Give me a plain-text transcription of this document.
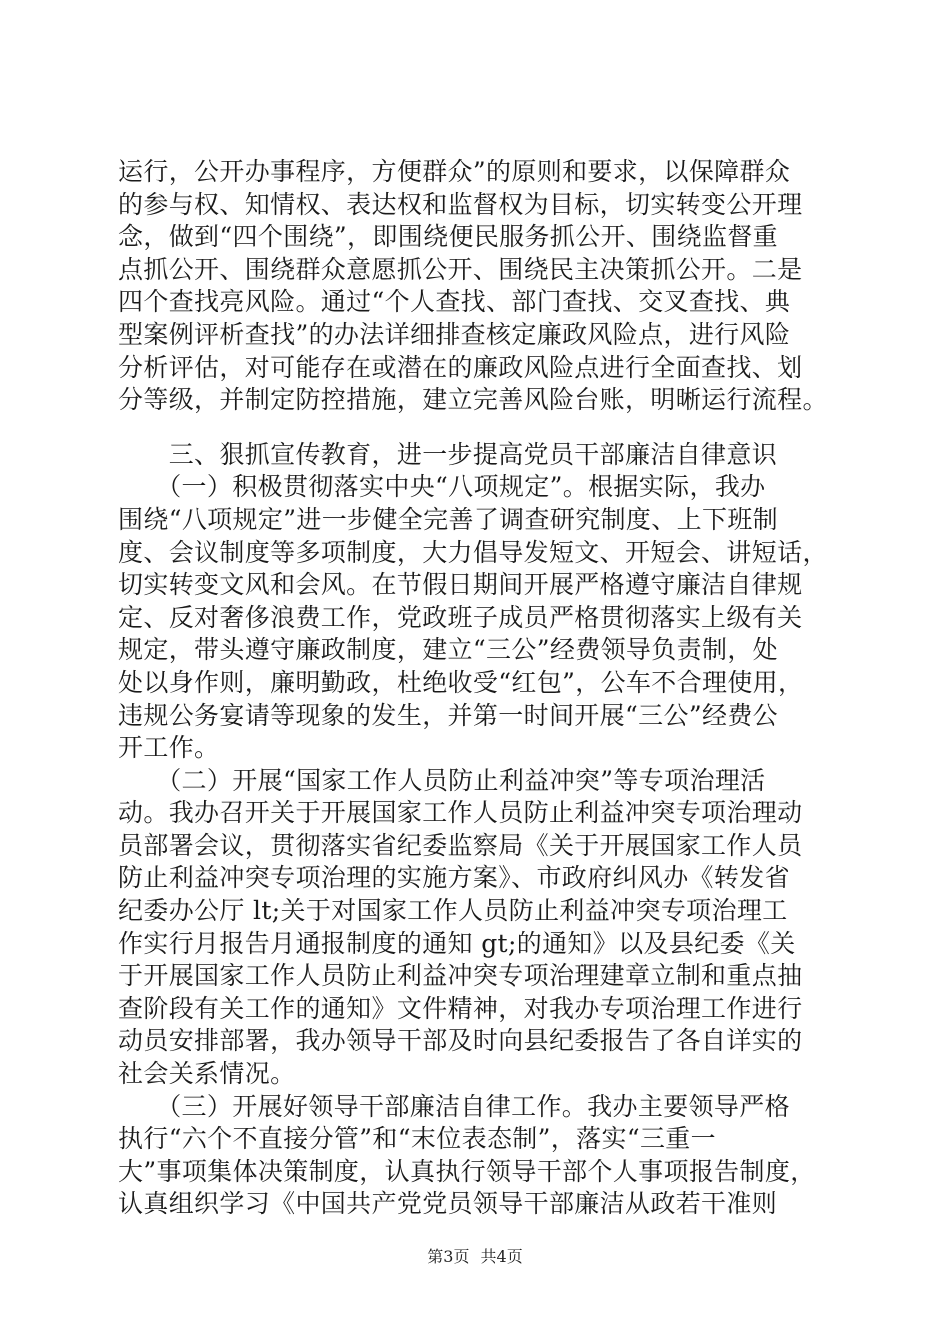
运行，公开办事程序，方便群众”的原则和要求，以保障群众
的参与权、知情权、表达权和监督权为目标，切实转变公开理
念，做到“四个围绕”，即围绕便民服务抓公开、围绕监督重
点抓公开、围绕群众意愿抓公开、围绕民主决策抓公开。二是
四个查找亮风险。通过“个人查找、部门查找、交叉查找、典
型案例评析查找”的办法详细排查核定廉政风险点，进行风险
分析评估，对可能存在或潜在的廉政风险点进行全面查找、划
分等级，并制定防控措施，建立完善风险台账，明晰运行流程。
　　三、狠抓宣传教育，进一步提高党员干部廉洁自律意识
　　（一）积极贯彻落实中央“八项规定”。根据实际，我办
围绕“八项规定”进一步健全完善了调查研究制度、上下班制
度、会议制度等多项制度，大力倡导发短文、开短会、讲短话，
切实转变文风和会风。在节假日期间开展严格遵守廉洁自律规
定、反对奢侈浪费工作，党政班子成员严格贯彻落实上级有关
规定，带头遵守廉政制度，建立“三公”经费领导负责制，处
处以身作则，廉明勤政，杜绝收受“红包”，公车不合理使用，
违规公务宴请等现象的发生，并第一时间开展“三公”经费公
开工作。
　　（二）开展“国家工作人员防止利益冲突”等专项治理活
动。我办召开关于开展国家工作人员防止利益冲突专项治理动
员部署会议，贯彻落实省纪委监察局《关于开展国家工作人员
防止利益冲突专项治理的实施方案》、市政府纠风办《转发省
纪委办公厅 lt;关于对国家工作人员防止利益冲突专项治理工
作实行月报告月通报制度的通知 gt;的通知》以及县纪委《关
于开展国家工作人员防止利益冲突专项治理建章立制和重点抽
查阶段有关工作的通知》文件精神，对我办专项治理工作进行
动员安排部署，我办领导干部及时向县纪委报告了各自详实的
社会关系情况。
　　（三）开展好领导干部廉洁自律工作。我办主要领导严格
执行“六个不直接分管”和“末位表态制”，落实“三重一
大”事项集体决策制度，认真执行领导干部个人事项报告制度，
认真组织学习《中国共产党党员领导干部廉洁从政若干准则
第3页 共4页
